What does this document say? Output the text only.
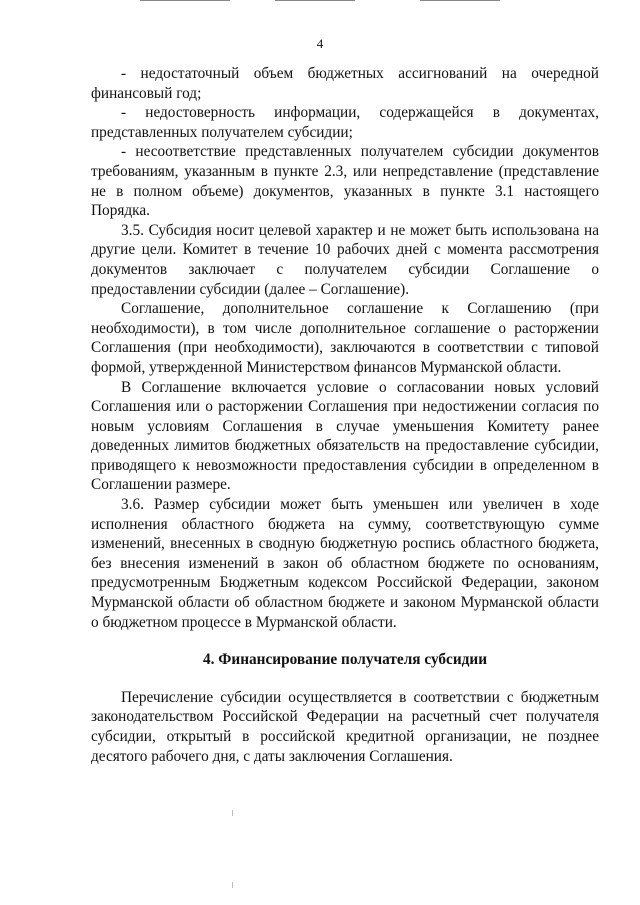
4

- недостаточный объем бюджетных ассигнований на очередной финансовый год;

- недостоверность информации, содержащейся в документах, представленных получателем субсидии;

- несоответствие представленных получателем субсидии документов требованиям, указанным в пункте 2.3, или непредставление (представление не в полном объеме) документов, указанных в пункте 3.1 настоящего Порядка.

3.5. Субсидия носит целевой характер и не может быть использована на другие цели. Комитет в течение 10 рабочих дней с момента рассмотрения документов заключает с получателем субсидии Соглашение о предоставлении субсидии (далее – Соглашение).

Соглашение, дополнительное соглашение к Соглашению (при необходимости), в том числе дополнительное соглашение о расторжении Соглашения (при необходимости), заключаются в соответствии с типовой формой, утвержденной Министерством финансов Мурманской области.

В Соглашение включается условие о согласовании новых условий Соглашения или о расторжении Соглашения при недостижении согласия по новым условиям Соглашения в случае уменьшения Комитету ранее доведенных лимитов бюджетных обязательств на предоставление субсидии, приводящего к невозможности предоставления субсидии в определенном в Соглашении размере.

3.6. Размер субсидии может быть уменьшен или увеличен в ходе исполнения областного бюджета на сумму, соответствующую сумме изменений, внесенных в сводную бюджетную роспись областного бюджета, без внесения изменений в закон об областном бюджете по основаниям, предусмотренным Бюджетным кодексом Российской Федерации, законом Мурманской области об областном бюджете и законом Мурманской области о бюджетном процессе в Мурманской области.

4. Финансирование получателя субсидии

Перечисление субсидии осуществляется в соответствии с бюджетным законодательством Российской Федерации на расчетный счет получателя субсидии, открытый в российской кредитной организации, не позднее десятого рабочего дня, с даты заключения Соглашения.
